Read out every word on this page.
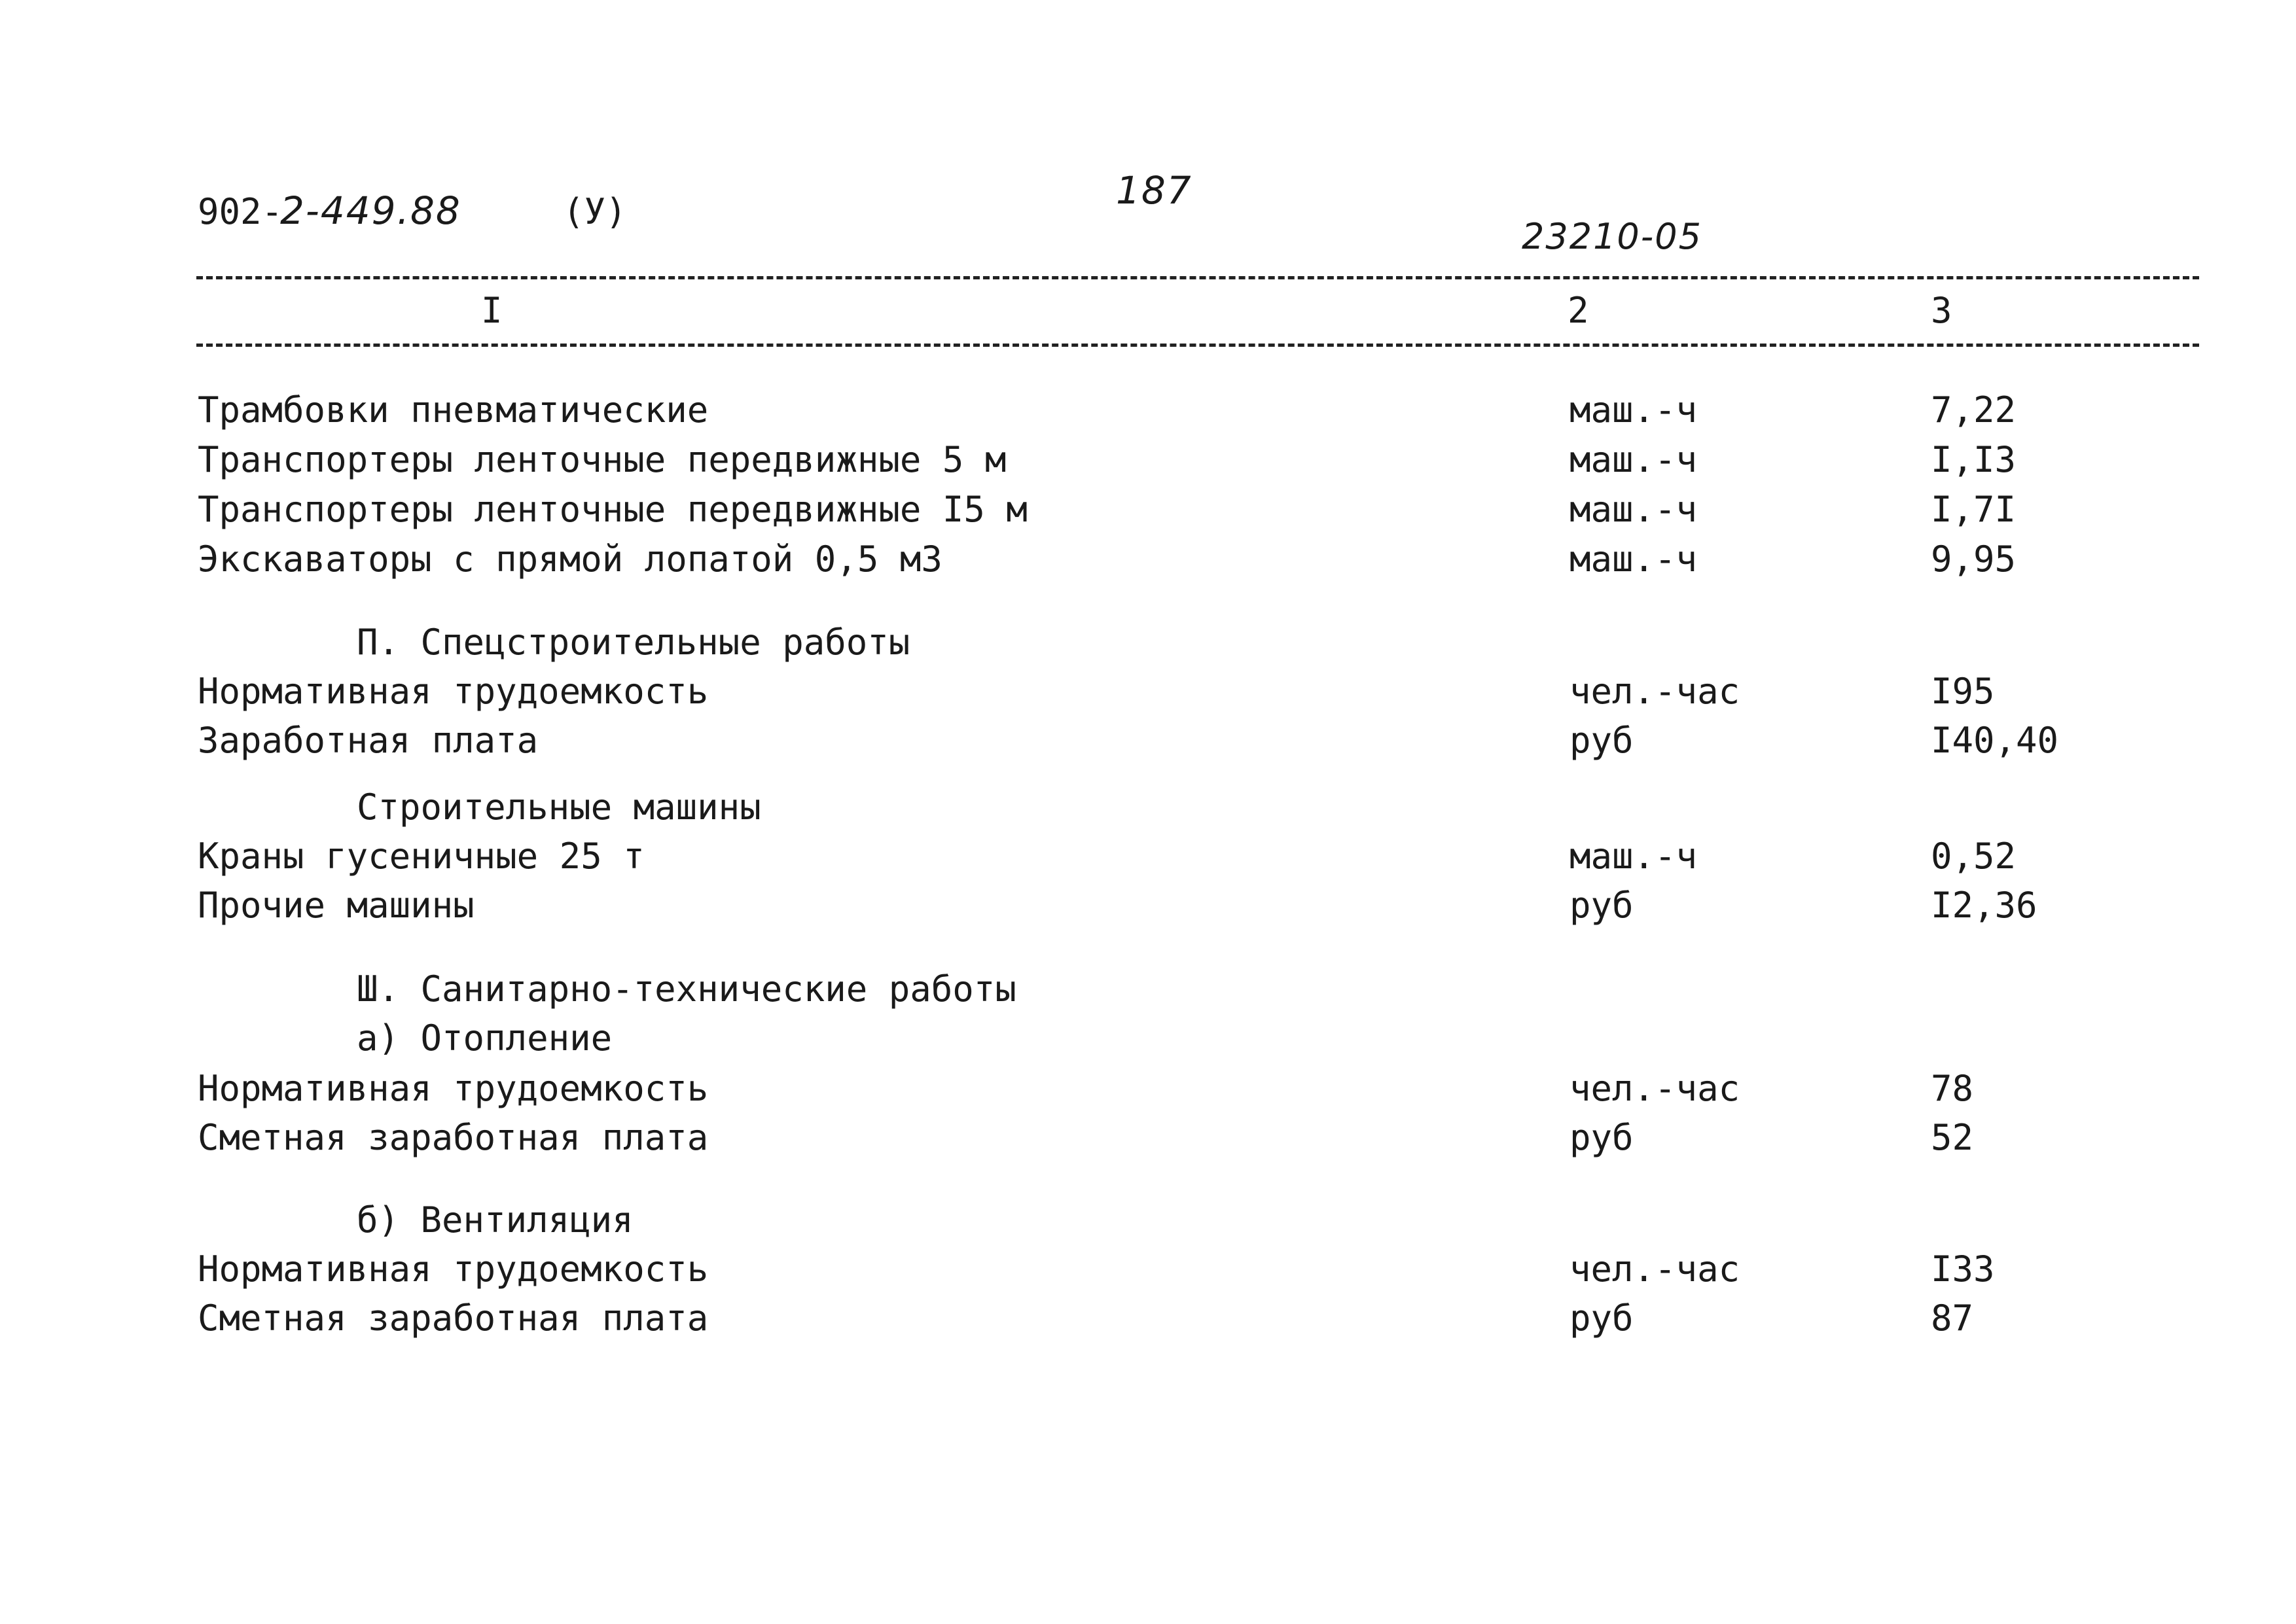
902-
2-449.88	(У)	187
23210-05
I	2	3
Трамбовки пневматические	маш.-ч	7,22
Транспортеры ленточные передвижные 5 м	маш.-ч	I,I3
Транспортеры ленточные передвижные I5 м	маш.-ч	I,7I
Экскаваторы с прямой лопатой 0,5 м3	маш.-ч	9,95
П. Спецстроительные работы
Нормативная трудоемкость	чел.-час	I95
Заработная плата	руб	I40,40
Строительные машины
Краны гусеничные 25 т	маш.-ч	0,52
Прочие машины	руб	I2,36
Ш. Санитарно-технические работы
а) Отопление
Нормативная трудоемкость	чел.-час	78
Сметная заработная плата	руб	52
б) Вентиляция
Нормативная трудоемкость	чел.-час	I33
Сметная заработная плата	руб	87
